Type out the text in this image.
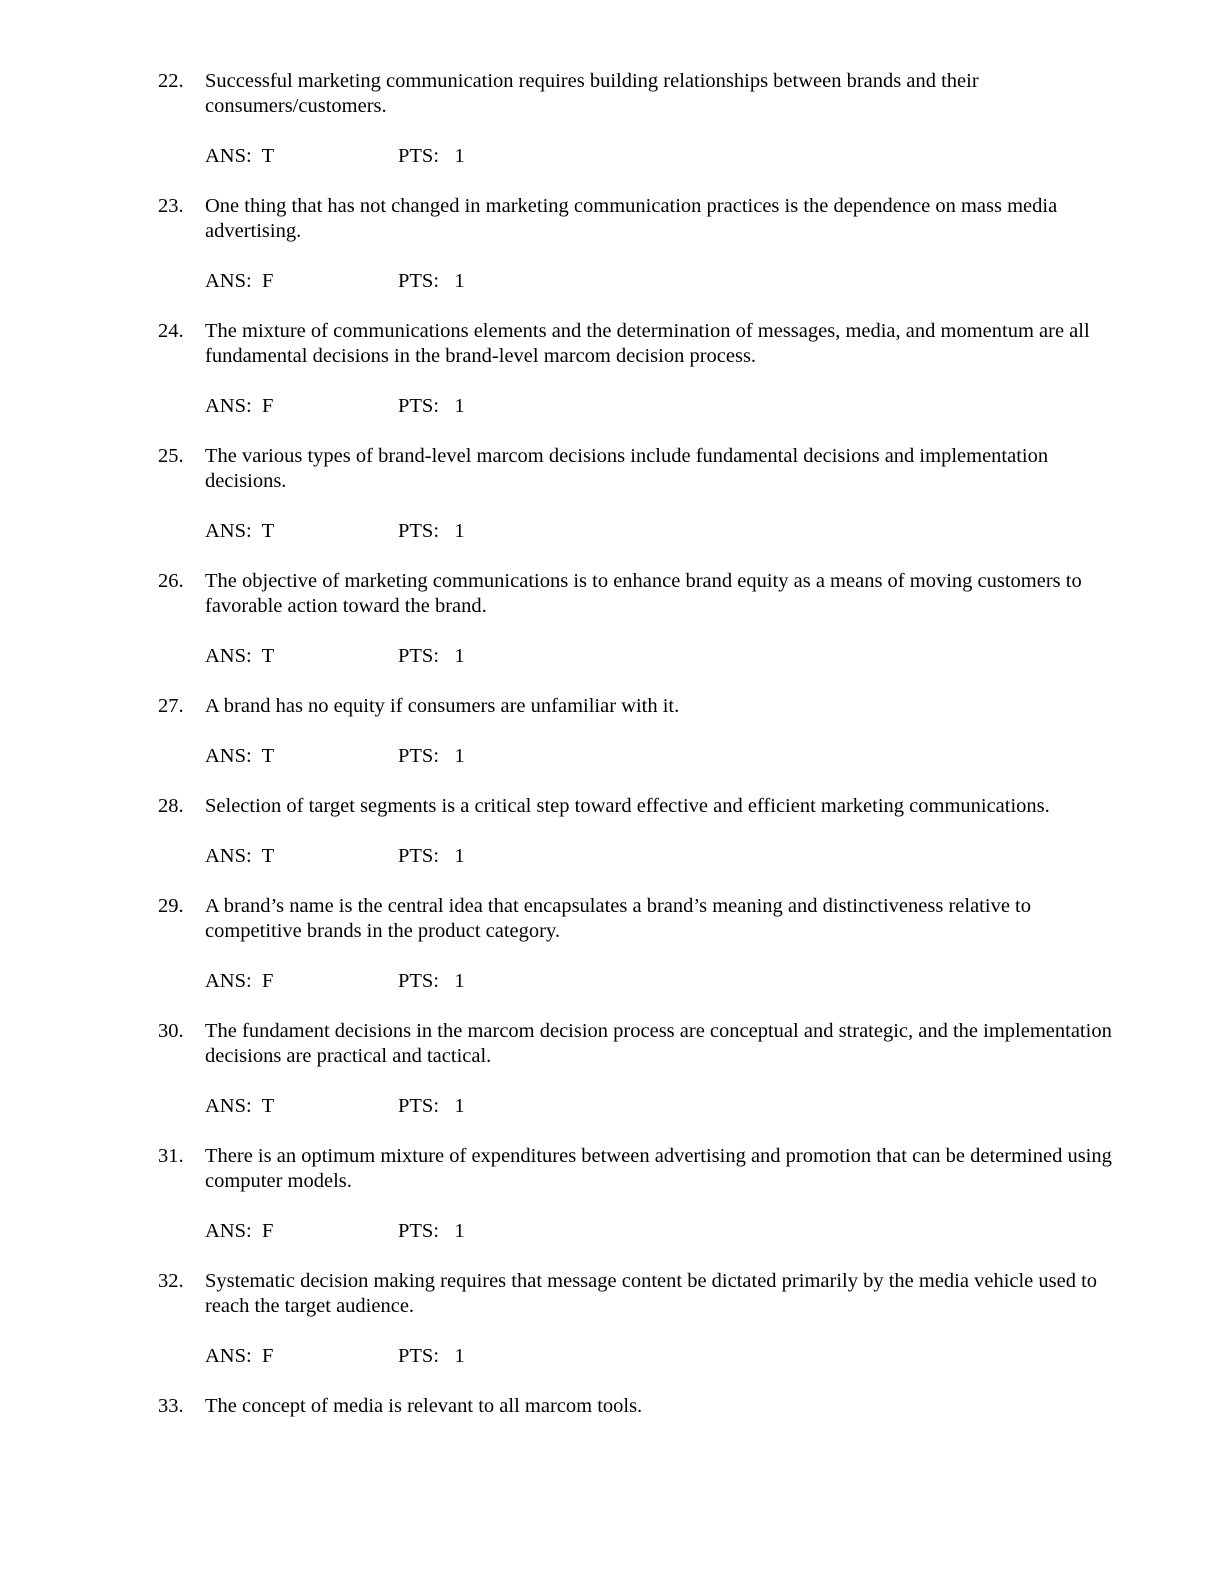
22.	Successful marketing communication requires building relationships between brands and their consumers/customers.
ANS:  T	PTS:   1
23.	One thing that has not changed in marketing communication practices is the dependence on mass media advertising.
ANS:  F	PTS:   1
24.	The mixture of communications elements and the determination of messages, media, and momentum are all fundamental decisions in the brand-level marcom decision process.
ANS:  F	PTS:   1
25.	The various types of brand-level marcom decisions include fundamental decisions and implementation decisions.
ANS:  T	PTS:   1
26.	The objective of marketing communications is to enhance brand equity as a means of moving customers to favorable action toward the brand.
ANS:  T	PTS:   1
27.	A brand has no equity if consumers are unfamiliar with it.
ANS:  T	PTS:   1
28.	Selection of target segments is a critical step toward effective and efficient marketing communications.
ANS:  T	PTS:   1
29.	A brand’s name is the central idea that encapsulates a brand’s meaning and distinctiveness relative to competitive brands in the product category.
ANS:  F	PTS:   1
30.	The fundament decisions in the marcom decision process are conceptual and strategic, and the implementation decisions are practical and tactical.
ANS:  T	PTS:   1
31.	There is an optimum mixture of expenditures between advertising and promotion that can be determined using computer models.
ANS:  F	PTS:   1
32.	Systematic decision making requires that message content be dictated primarily by the media vehicle used to reach the target audience.
ANS:  F	PTS:   1
33.	The concept of media is relevant to all marcom tools.
